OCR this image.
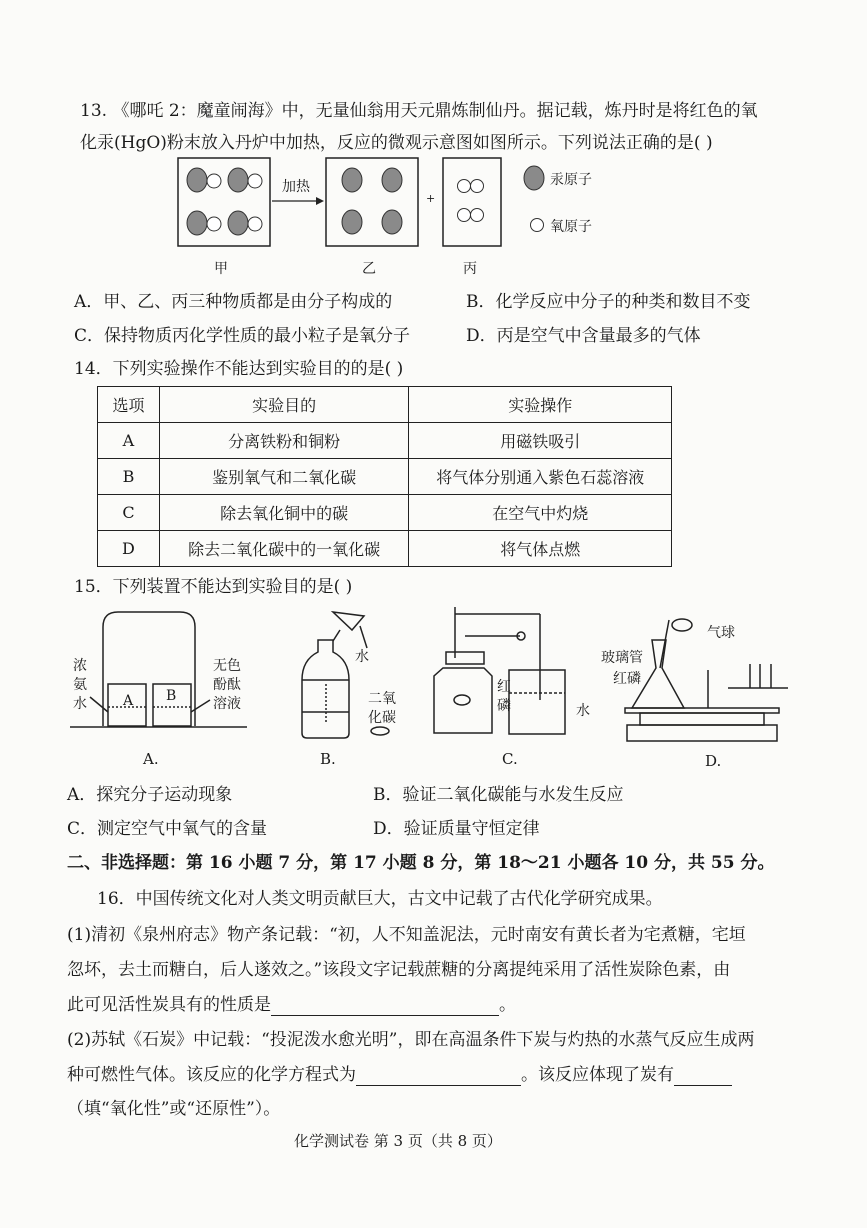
13. 《哪吒 2：魔童闹海》中，无量仙翁用天元鼎炼制仙丹。据记载，炼丹时是将红色的氧
化汞(HgO)粉末放入丹炉中加热，反应的微观示意图如图所示。下列说法正确的是( )
加热
+
汞原子
氧原子
甲	乙	丙
A．甲、乙、丙三种物质都是由分子构成的	B．化学反应中分子的种类和数目不变
C．保持物质丙化学性质的最小粒子是氧分子	D．丙是空气中含量最多的气体
14．下列实验操作不能达到实验目的的是( )
选项	实验目的	实验操作
A	分离铁粉和铜粉	用磁铁吸引
B	鉴别氧气和二氧化碳	将气体分别通入紫色石蕊溶液
C	除去氧化铜中的碳	在空气中灼烧
D	除去二氧化碳中的一氧化碳	将气体点燃
15．下列装置不能达到实验目的是( )
浓
氨
水
无色
酚酞
溶液
A B
水
二氧
化碳
红
磷	水
气球
玻璃管
红磷
A.	B.	C.	D.
A．探究分子运动现象	B．验证二氧化碳能与水发生反应
C．测定空气中氧气的含量	D．验证质量守恒定律
二、非选择题：第 16 小题 7 分，第 17 小题 8 分，第 18～21 小题各 10 分，共 55 分。
16．中国传统文化对人类文明贡献巨大，古文中记载了古代化学研究成果。
(1)清初《泉州府志》物产条记载：“初，人不知盖泥法，元时南安有黄长者为宅煮糖，宅垣
忽坏，去土而糖白，后人遂效之。”该段文字记载蔗糖的分离提纯采用了活性炭除色素，由
此可见活性炭具有的性质是	。
(2)苏轼《石炭》中记载：“投泥泼水愈光明”，即在高温条件下炭与灼热的水蒸气反应生成两
种可燃性气体。该反应的化学方程式为	。该反应体现了炭有
（填“氧化性”或“还原性”）。
化学测试卷 第 3 页（共 8 页）
